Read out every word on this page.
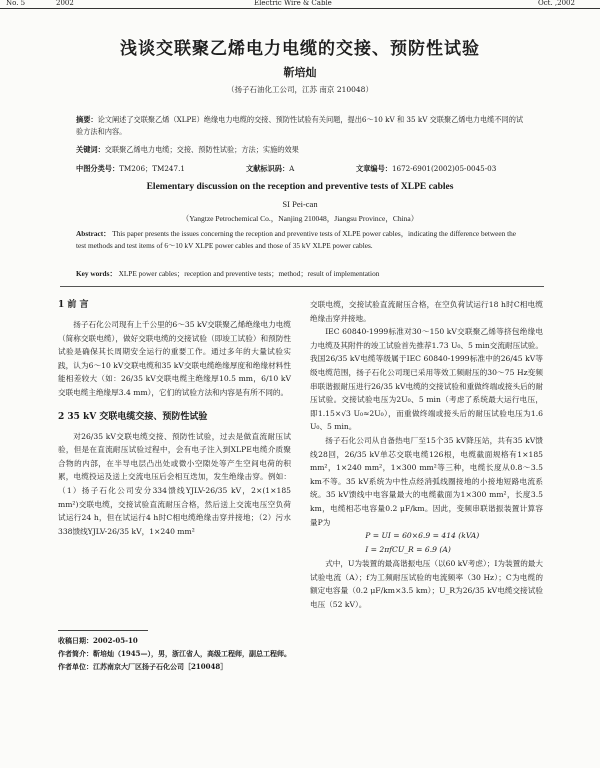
No. 5	2002	Electric Wire & Cable	Oct. ,2002
浅谈交联聚乙烯电力电缆的交接、预防性试验
靳培灿
（扬子石油化工公司，江苏 南京 210048）
摘要：论文阐述了交联聚乙烯（XLPE）绝缘电力电缆的交接、预防性试验有关问题，提出6～10 kV 和 35 kV 交联聚乙烯电力电缆不同的试验方法和内容。
关键词：交联聚乙烯电力电缆；交接、预防性试验；方法；实施的效果
中图分类号：TM206；TM247.1	文献标识码：A	文章编号：1672-6901(2002)05-0045-03
Elementary discussion on the reception and preventive tests of XLPE cables
SI Pei-can
（Yangtze Petrochemical Co.，Nanjing 210048，Jiangsu Province，China）
Abstract： This paper presents the issues concerning the reception and preventive tests of XLPE power cables，indicating the difference between the test methods and test items of 6～10 kV XLPE power cables and those of 35 kV XLPE power cables.
Key words： XLPE power cables；reception and preventive tests；method；result of implementation
1 前 言

扬子石化公司现有上千公里的6～35 kV交联聚乙烯绝缘电力电缆（简称交联电缆），做好交联电缆的交接试验（即竣工试验）和预防性试验是确保其长周期安全运行的重要工作。通过多年的大量试验实践，认为6～10 kV交联电缆和35 kV交联电缆绝缘厚度和绝缘材料性能相差较大（如：26/35 kV交联电缆主绝缘厚10.5 mm，6/10 kV交联电缆主绝缘厚3.4 mm），它们的试验方法和内容是有所不同的。

2 35 kV 交联电缆交接、预防性试验

对26/35 kV交联电缆交接、预防性试验，过去是做直流耐压试验，但是在直流耐压试验过程中，会有电子注入到XLPE电缆介质聚合物的内部，在半导电层凸出处或微小空隙处等产生空间电荷的积累，电缆投运及送上交流电压后会相互迭加，发生绝缘击穿。例如：（1）扬子石化公司安分334馈线YJLV-26/35 kV，2×(1×185 mm²)交联电缆，交接试验直流耐压合格，然后送上交流电压空负荷试运行24 h，但在试运行4 h时C相电缆绝缘击穿并接地；（2）污水338馈线YJLV-26/35 kV，1×240 mm²

收稿日期：2002-05-10

作者简介：靳培灿（1945—），男，浙江省人，高级工程师，副总工程师。

作者单位：江苏南京大厂区扬子石化公司［210048］

交联电缆，交接试验直流耐压合格，在空负荷试运行18 h时C相电缆绝缘击穿并接地。

IEC 60840-1999标准对30～150 kV交联聚乙烯等挤包绝缘电力电缆及其附件的竣工试验首先推荐1.73 U₀、5 min交流耐压试验。我国26/35 kV电缆等级属于IEC 60840-1999标准中的26/45 kV等级电缆范围，扬子石化公司现已采用等效工频耐压的30～75 Hz变频串联谐振耐压进行26/35 kV电缆的交接试验和重做终端或接头后的耐压试验。交接试验电压为2U₀、5 min（考虑了系统最大运行电压，即1.15×√3 U₀≈2U₀），而重做终端或接头后的耐压试验电压为1.6 U₀、5 min。

扬子石化公司从自备热电厂至15个35 kV降压站，共有35 kV馈线28回，26/35 kV单芯交联电缆126根，电缆截面规格有1×185 mm²，1×240 mm²，1×300 mm²等三种，电缆长度从0.8～3.5 km不等。35 kV系统为中性点经消弧线圈接地的小接地短路电流系统。35 kV馈线中电容量最大的电缆截面为1×300 mm²，长度3.5 km，电缆相芯电容量0.2 μF/km。因此，变频串联谐振装置计算容量P为

P = UI = 60×6.9 = 414 (kVA)

I = 2πfCU_R = 6.9 (A)

式中，U为装置的最高谐振电压（以60 kV考虑）；I为装置的最大试验电流（A）；f为工频耐压试验的电流频率（30 Hz）；C为电缆的额定电容量（0.2 μF/km×3.5 km）；U_R为26/35 kV电缆交接试验电压（52 kV）。
